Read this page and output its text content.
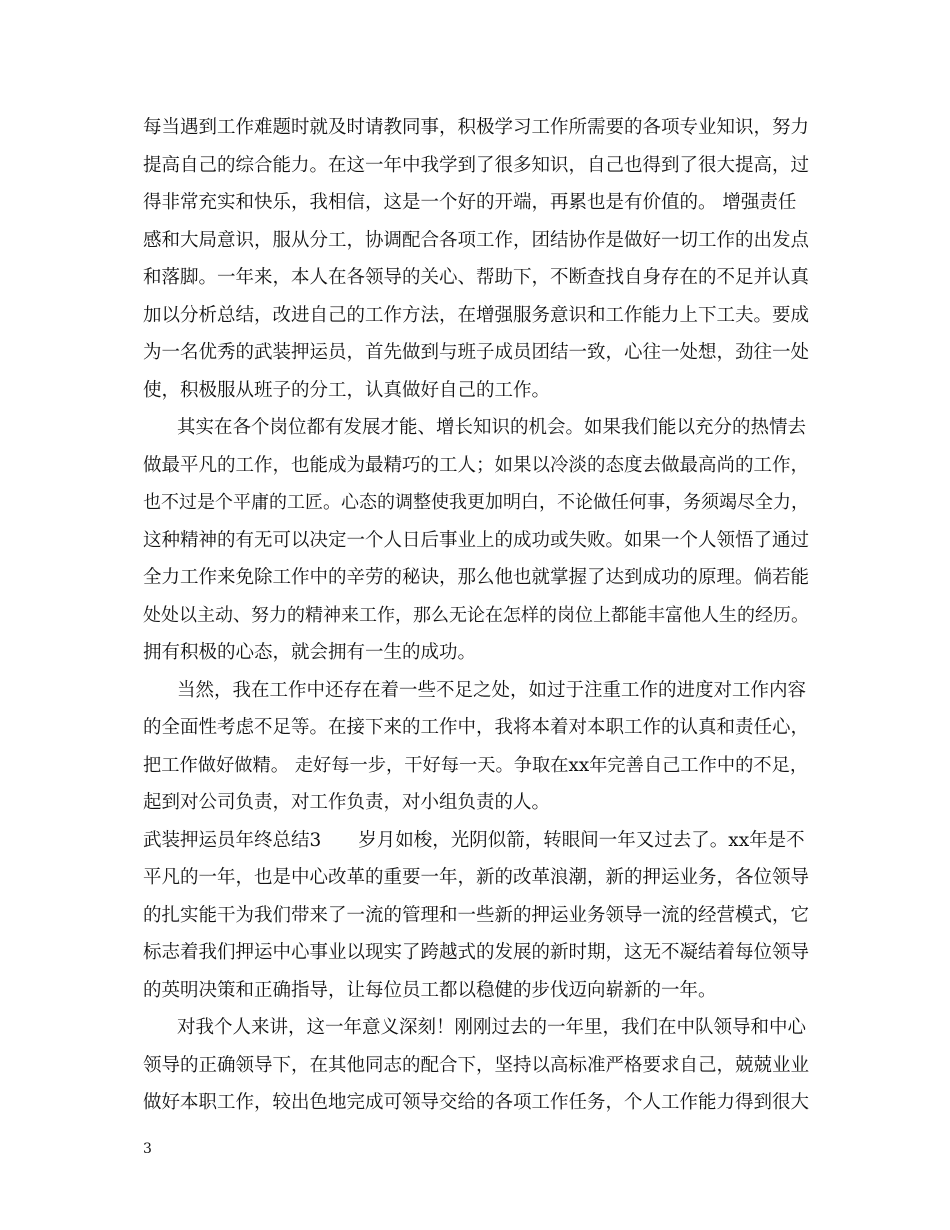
每当遇到工作难题时就及时请教同事，积极学习工作所需要的各项专业知识，努力
提高自己的综合能力。在这一年中我学到了很多知识，自己也得到了很大提高，过
得非常充实和快乐，我相信，这是一个好的开端，再累也是有价值的。 增强责任
感和大局意识，服从分工，协调配合各项工作，团结协作是做好一切工作的出发点
和落脚。一年来，本人在各领导的关心、帮助下，不断查找自身存在的不足并认真
加以分析总结，改进自己的工作方法，在增强服务意识和工作能力上下工夫。要成
为一名优秀的武装押运员，首先做到与班子成员团结一致，心往一处想，劲往一处
使，积极服从班子的分工，认真做好自己的工作。
其实在各个岗位都有发展才能、增长知识的机会。如果我们能以充分的热情去
做最平凡的工作，也能成为最精巧的工人；如果以冷淡的态度去做最高尚的工作，
也不过是个平庸的工匠。心态的调整使我更加明白，不论做任何事，务须竭尽全力，
这种精神的有无可以决定一个人日后事业上的成功或失败。如果一个人领悟了通过
全力工作来免除工作中的辛劳的秘诀，那么他也就掌握了达到成功的原理。倘若能
处处以主动、努力的精神来工作，那么无论在怎样的岗位上都能丰富他人生的经历。
拥有积极的心态，就会拥有一生的成功。
当然，我在工作中还存在着一些不足之处，如过于注重工作的进度对工作内容
的全面性考虑不足等。在接下来的工作中，我将本着对本职工作的认真和责任心，
把工作做好做精。 走好每一步，干好每一天。争取在xx年完善自己工作中的不足，
起到对公司负责，对工作负责，对小组负责的人。
武装押运员年终总结3　　岁月如梭，光阴似箭，转眼间一年又过去了。xx年是不
平凡的一年，也是中心改革的重要一年，新的改革浪潮，新的押运业务，各位领导
的扎实能干为我们带来了一流的管理和一些新的押运业务领导一流的经营模式，它
标志着我们押运中心事业以现实了跨越式的发展的新时期，这无不凝结着每位领导
的英明决策和正确指导，让每位员工都以稳健的步伐迈向崭新的一年。
对我个人来讲，这一年意义深刻！刚刚过去的一年里，我们在中队领导和中心
领导的正确领导下，在其他同志的配合下，坚持以高标准严格要求自己，兢兢业业
做好本职工作，较出色地完成可领导交给的各项工作任务，个人工作能力得到很大
3
